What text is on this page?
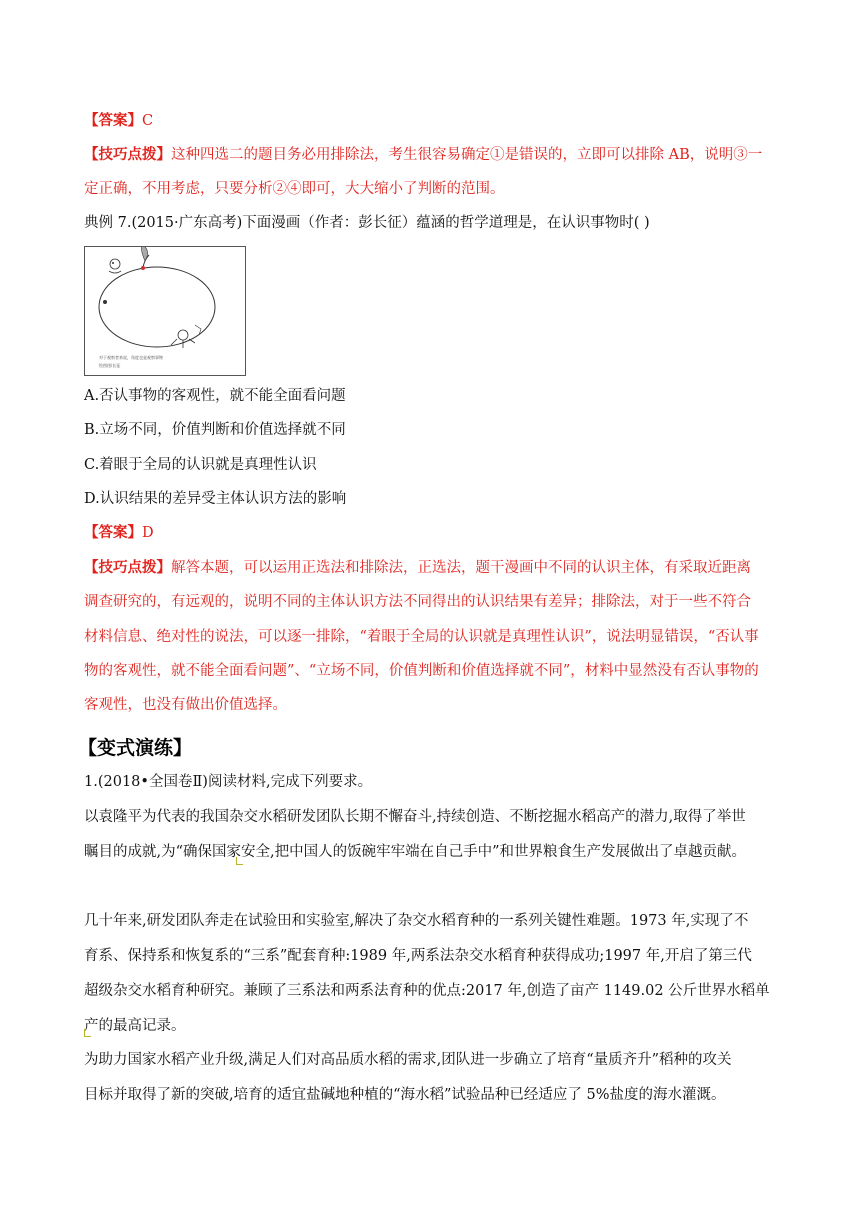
【答案】C
【技巧点拨】这种四选二的题目务必用排除法，考生很容易确定①是错误的，立即可以排除 AB，说明③一
定正确，不用考虑，只要分析②④即可，大大缩小了判断的范围。
典例 7.(2015·广东高考)下面漫画（作者：彭长征）蕴涵的哲学道理是，在认识事物时( )
对于观察者来说，角度也是观察事物
绘图/彭长征
A.否认事物的客观性，就不能全面看问题
B.立场不同，价值判断和价值选择就不同
C.着眼于全局的认识就是真理性认识
D.认识结果的差异受主体认识方法的影响
【答案】D
【技巧点拨】解答本题，可以运用正选法和排除法，正选法，题干漫画中不同的认识主体，有采取近距离
调查研究的，有远观的，说明不同的主体认识方法不同得出的认识结果有差异；排除法，对于一些不符合
材料信息、绝对性的说法，可以逐一排除，“着眼于全局的认识就是真理性认识”，说法明显错误，“否认事
物的客观性，就不能全面看问题”、“立场不同，价值判断和价值选择就不同”，材料中显然没有否认事物的
客观性，也没有做出价值选择。
【变式演练】
1.(2018•全国卷Ⅱ)阅读材料,完成下列要求。
以袁隆平为代表的我国杂交水稻研发团队长期不懈奋斗,持续创造、不断挖掘水稻高产的潜力,取得了举世
瞩目的成就,为“确保国家安全,把中国人的饭碗牢牢端在自己手中”和世界粮食生产发展做出了卓越贡献。
几十年来,研发团队奔走在试验田和实验室,解决了杂交水稻育种的一系列关键性难题。1973 年,实现了不
育系、保持系和恢复系的“三系”配套育种:1989 年,两系法杂交水稻育种获得成功;1997 年,开启了第三代
超级杂交水稻育种研究。兼顾了三系法和两系法育种的优点:2017 年,创造了亩产 1149.02 公斤世界水稻单
产的最高记录。
为助力国家水稻产业升级,满足人们对高品质水稻的需求,团队进一步确立了培育“量质齐升”稻种的攻关
目标并取得了新的突破,培育的适宜盐碱地种植的“海水稻”试验品种已经适应了 5%盐度的海水灌溉。
